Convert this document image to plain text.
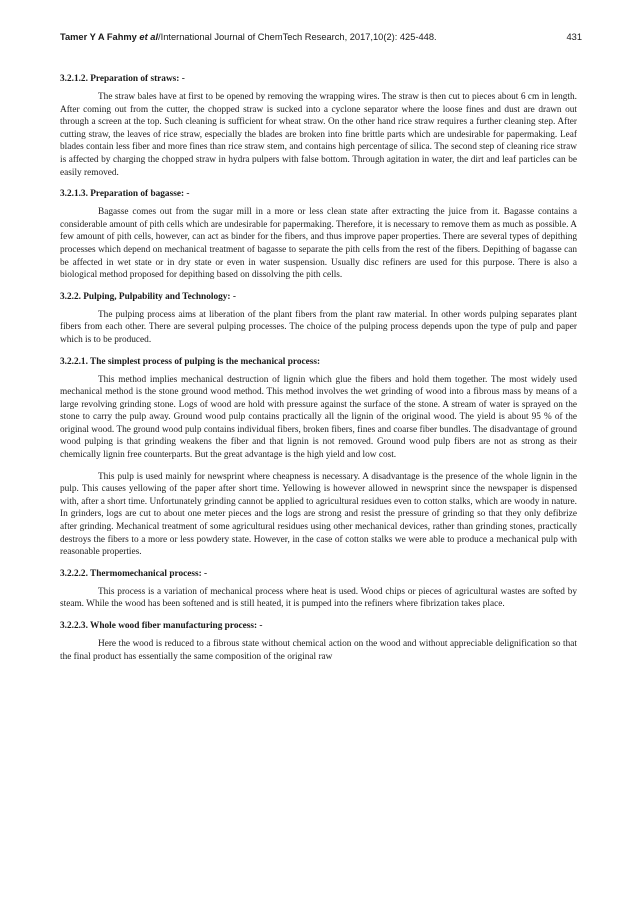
Tamer Y A Fahmy et al/International Journal of ChemTech Research, 2017,10(2): 425-448.	431
3.2.1.2. Preparation of straws: -

The straw bales have at first to be opened by removing the wrapping wires. The straw is then cut to pieces about 6 cm in length. After coming out from the cutter, the chopped straw is sucked into a cyclone separator where the loose fines and dust are drawn out through a screen at the top. Such cleaning is sufficient for wheat straw. On the other hand rice straw requires a further cleaning step. After cutting straw, the leaves of rice straw, especially the blades are broken into fine brittle parts which are undesirable for papermaking. Leaf blades contain less fiber and more fines than rice straw stem, and contains high percentage of silica. The second step of cleaning rice straw is affected by charging the chopped straw in hydra pulpers with false bottom. Through agitation in water, the dirt and leaf particles can be easily removed.

3.2.1.3. Preparation of bagasse: -

Bagasse comes out from the sugar mill in a more or less clean state after extracting the juice from it. Bagasse contains a considerable amount of pith cells which are undesirable for papermaking. Therefore, it is necessary to remove them as much as possible. A few amount of pith cells, however, can act as binder for the fibers, and thus improve paper properties. There are several types of depithing processes which depend on mechanical treatment of bagasse to separate the pith cells from the rest of the fibers. Depithing of bagasse can be affected in wet state or in dry state or even in water suspension. Usually disc refiners are used for this purpose. There is also a biological method proposed for depithing based on dissolving the pith cells.

3.2.2. Pulping, Pulpability and Technology: -

The pulping process aims at liberation of the plant fibers from the plant raw material. In other words pulping separates plant fibers from each other. There are several pulping processes. The choice of the pulping process depends upon the type of pulp and paper which is to be produced.

3.2.2.1. The simplest process of pulping is the mechanical process:

This method implies mechanical destruction of lignin which glue the fibers and hold them together. The most widely used mechanical method is the stone ground wood method. This method involves the wet grinding of wood into a fibrous mass by means of a large revolving grinding stone. Logs of wood are hold with pressure against the surface of the stone. A stream of water is sprayed on the stone to carry the pulp away. Ground wood pulp contains practically all the lignin of the original wood. The yield is about 95 % of the original wood. The ground wood pulp contains individual fibers, broken fibers, fines and coarse fiber bundles. The disadvantage of ground wood pulping is that grinding weakens the fiber and that lignin is not removed. Ground wood pulp fibers are not as strong as their chemically lignin free counterparts. But the great advantage is the high yield and low cost.

This pulp is used mainly for newsprint where cheapness is necessary. A disadvantage is the presence of the whole lignin in the pulp. This causes yellowing of the paper after short time. Yellowing is however allowed in newsprint since the newspaper is dispensed with, after a short time. Unfortunately grinding cannot be applied to agricultural residues even to cotton stalks, which are woody in nature. In grinders, logs are cut to about one meter pieces and the logs are strong and resist the pressure of grinding so that they only defibrize after grinding. Mechanical treatment of some agricultural residues using other mechanical devices, rather than grinding stones, practically destroys the fibers to a more or less powdery state. However, in the case of cotton stalks we were able to produce a mechanical pulp with reasonable properties.

3.2.2.2. Thermomechanical process: -

This process is a variation of mechanical process where heat is used. Wood chips or pieces of agricultural wastes are softed by steam. While the wood has been softened and is still heated, it is pumped into the refiners where fibrization takes place.

3.2.2.3. Whole wood fiber manufacturing process: -

Here the wood is reduced to a fibrous state without chemical action on the wood and without appreciable delignification so that the final product has essentially the same composition of the original raw
